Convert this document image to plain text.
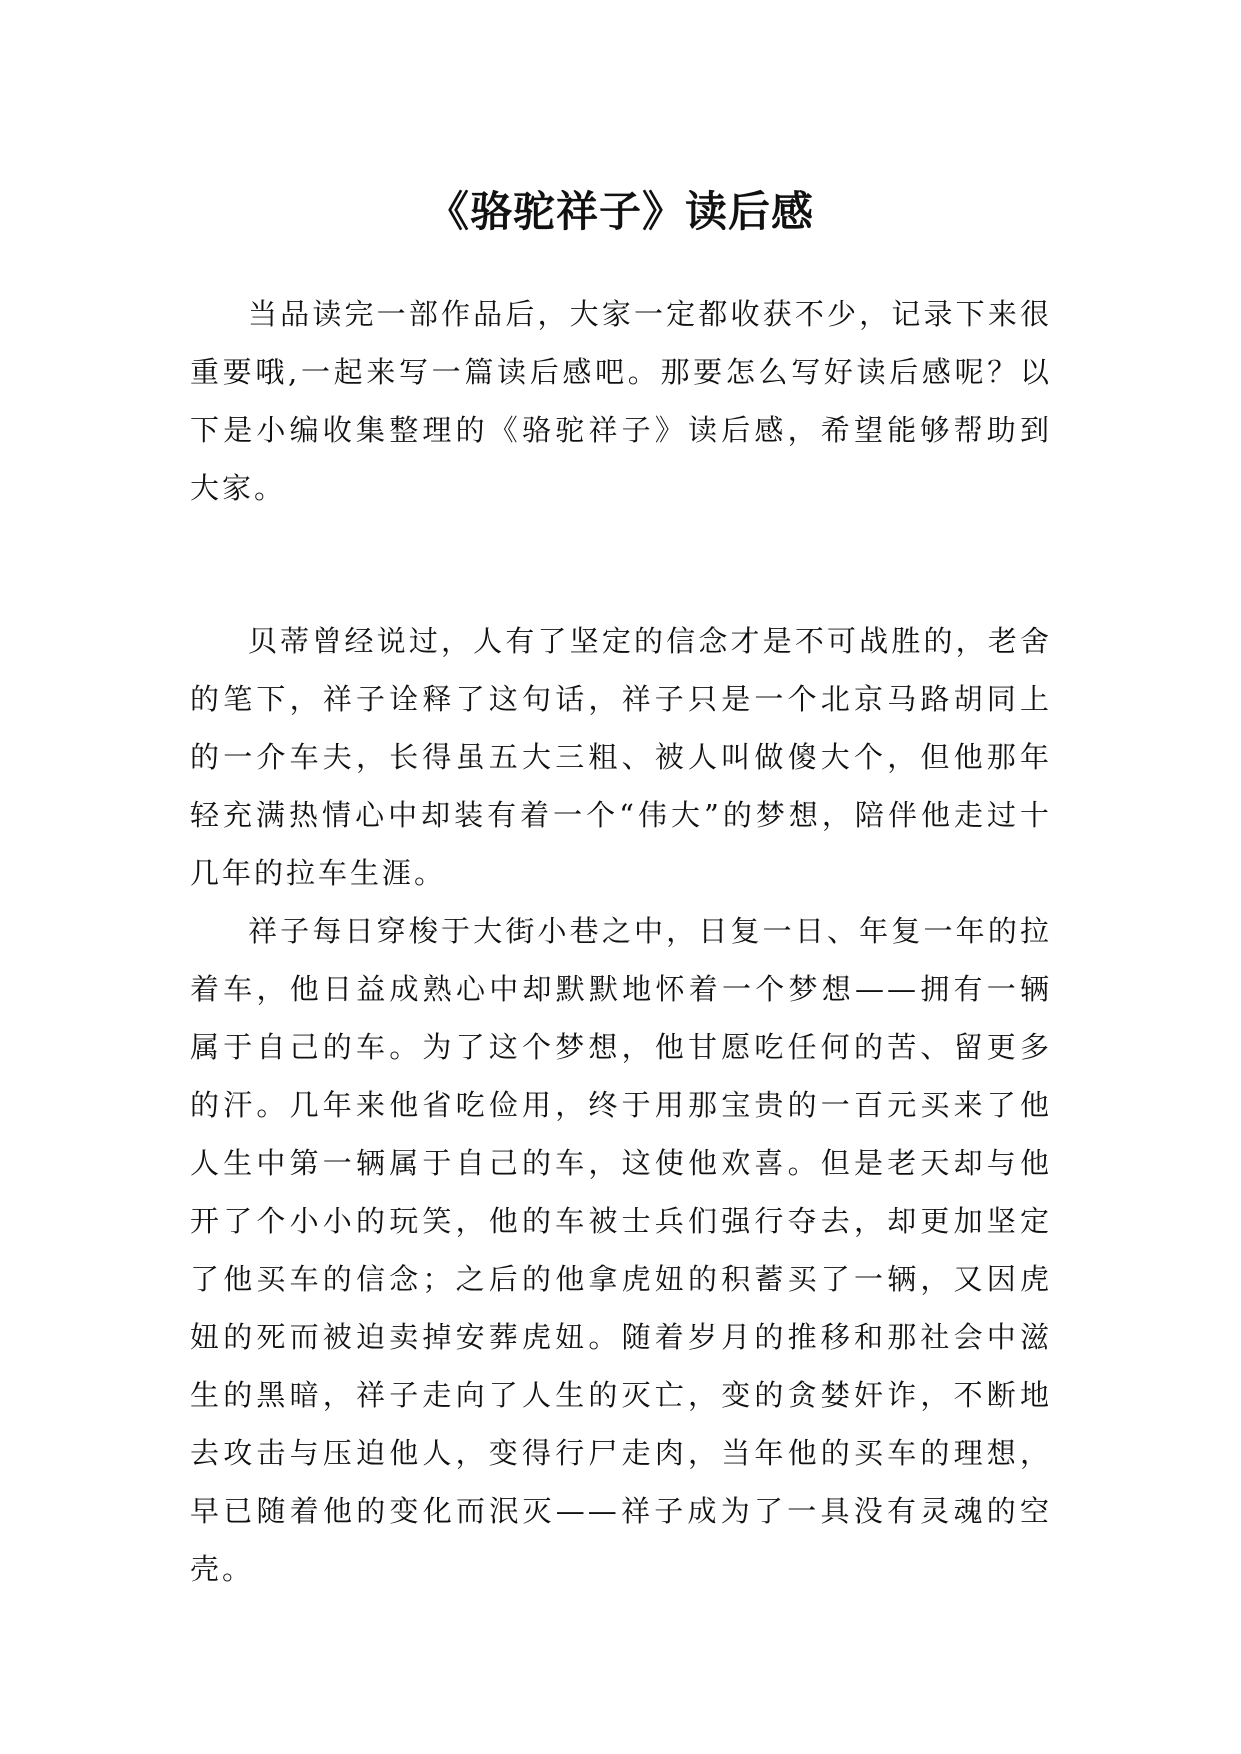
《骆驼祥子》读后感

当品读完一部作品后，大家一定都收获不少，记录下来很重要哦,一起来写一篇读后感吧。那要怎么写好读后感呢？以下是小编收集整理的《骆驼祥子》读后感，希望能够帮助到大家。

贝蒂曾经说过，人有了坚定的信念才是不可战胜的，老舍的笔下，祥子诠释了这句话，祥子只是一个北京马路胡同上的一介车夫，长得虽五大三粗、被人叫做傻大个，但他那年轻充满热情心中却装有着一个“伟大”的梦想，陪伴他走过十几年的拉车生涯。

祥子每日穿梭于大街小巷之中，日复一日、年复一年的拉着车，他日益成熟心中却默默地怀着一个梦想——拥有一辆属于自己的车。为了这个梦想，他甘愿吃任何的苦、留更多的汗。几年来他省吃俭用，终于用那宝贵的一百元买来了他人生中第一辆属于自己的车，这使他欢喜。但是老天却与他开了个小小的玩笑，他的车被士兵们强行夺去，却更加坚定了他买车的信念；之后的他拿虎妞的积蓄买了一辆，又因虎妞的死而被迫卖掉安葬虎妞。随着岁月的推移和那社会中滋生的黑暗，祥子走向了人生的灭亡，变的贪婪奸诈，不断地去攻击与压迫他人，变得行尸走肉，当年他的买车的理想，早已随着他的变化而泯灭——祥子成为了一具没有灵魂的空壳。
